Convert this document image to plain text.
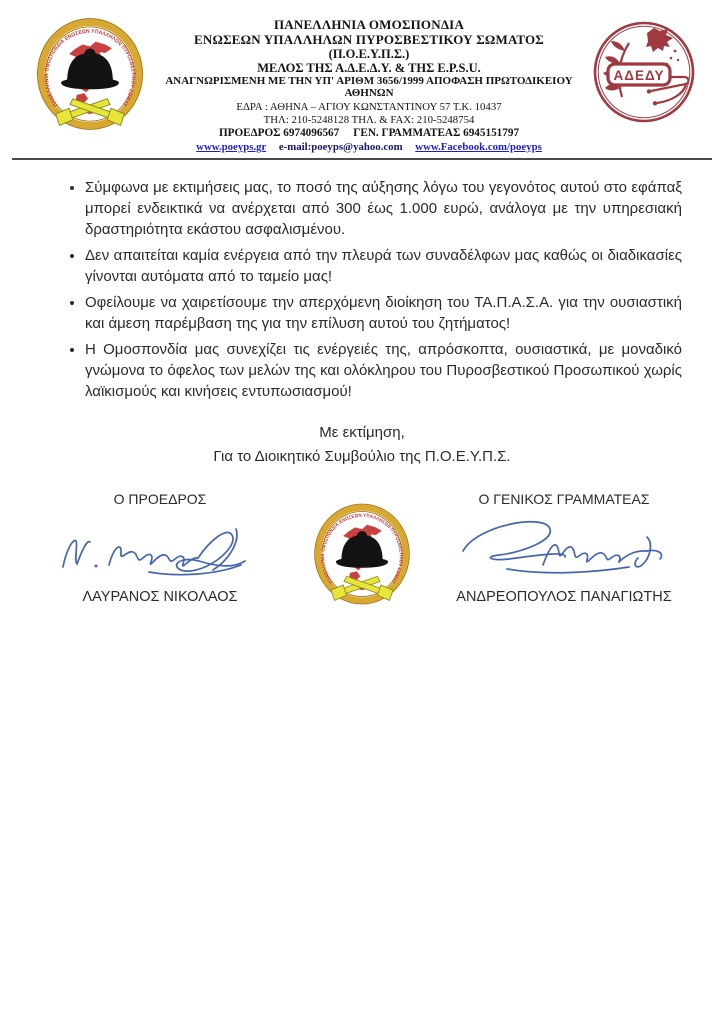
ΠΑΝΕΛΛΗΝΙΑ ΟΜΟΣΠΟΝΔΙΑ
ΕΝΩΣΕΩΝ ΥΠΑΛΛΗΛΩΝ ΠΥΡΟΣΒΕΣΤΙΚΟΥ ΣΩΜΑΤΟΣ
(Π.Ο.Ε.Υ.Π.Σ.)
ΜΕΛΟΣ ΤΗΣ Α.Δ.Ε.Δ.Υ. & ΤΗΣ E.P.S.U.
ΑΝΑΓΝΩΡΙΣΜΕΝΗ ΜΕ ΤΗΝ ΥΠ' ΑΡΙΘΜ 3656/1999 ΑΠΟΦΑΣΗ ΠΡΩΤΟΔΙΚΕΙΟΥ ΑΘΗΝΩΝ
ΕΔΡΑ : ΑΘΗΝΑ – ΑΓΙΟΥ ΚΩΝΣΤΑΝΤΙΝΟΥ 57 Τ.Κ. 10437
ΤΗΛ: 210-5248128 ΤΗΛ. & FAX: 210-5248754
ΠΡΟΕΔΡΟΣ 6974096567 ΓΕΝ. ΓΡΑΜΜΑΤΕΑΣ 6945151797
www.poeyps.gr e-mail:poeyps@yahoo.com www.Facebook.com/poeyps
ΑΔΕΔΥ
• Σύμφωνα με εκτιμήσεις μας, το ποσό της αύξησης λόγω του γεγονότος αυτού στο εφάπαξ μπορεί ενδεικτικά να ανέρχεται από 300 έως 1.000 ευρώ, ανάλογα με την υπηρεσιακή δραστηριότητα εκάστου ασφαλισμένου.
• Δεν απαιτείται καμία ενέργεια από την πλευρά των συναδέλφων μας καθώς οι διαδικασίες γίνονται αυτόματα από το ταμείο μας!
• Οφείλουμε να χαιρετίσουμε την απερχόμενη διοίκηση του ΤΑ.Π.Α.Σ.Α. για την ουσιαστική και άμεση παρέμβαση της για την επίλυση αυτού του ζητήματος!
• Η Ομοσπονδία μας συνεχίζει τις ενέργειές της, απρόσκοπτα, ουσιαστικά, με μοναδικό γνώμονα το όφελος των μελών της και ολόκληρου του Πυροσβεστικού Προσωπικού χωρίς λαϊκισμούς και κινήσεις εντυπωσιασμού!
Με εκτίμηση,
Για το Διοικητικό Συμβούλιο της Π.Ο.Ε.Υ.Π.Σ.
Ο ΠΡΟΕΔΡΟΣ
ΛΑΥΡΑΝΟΣ ΝΙΚΟΛΑΟΣ
Ο ΓΕΝΙΚΟΣ ΓΡΑΜΜΑΤΕΑΣ
ΑΝΔΡΕΟΠΟΥΛΟΣ ΠΑΝΑΓΙΩΤΗΣ
